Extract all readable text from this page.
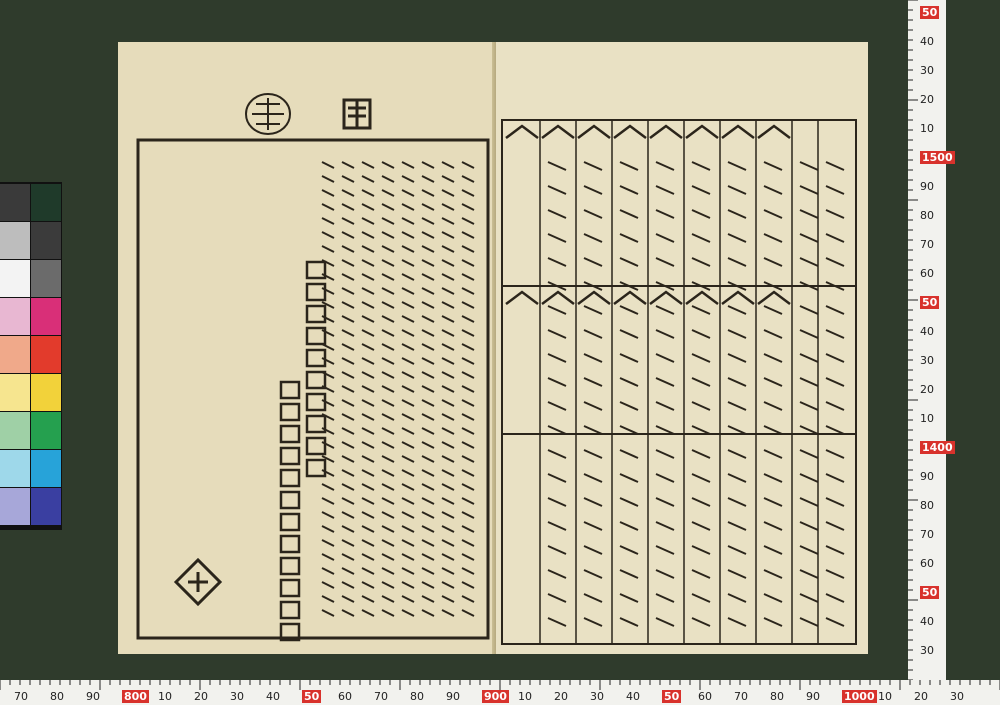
70 80 90 800 10 20 30 40 50 60 70 80 90 900 10 20 30 40 50 60 70 80 90 1000 10 20 30
50
40
30
20
10
1500
90
80
70
60
50
40
30
20
10
1400
90
80
70
60
50
40
30
